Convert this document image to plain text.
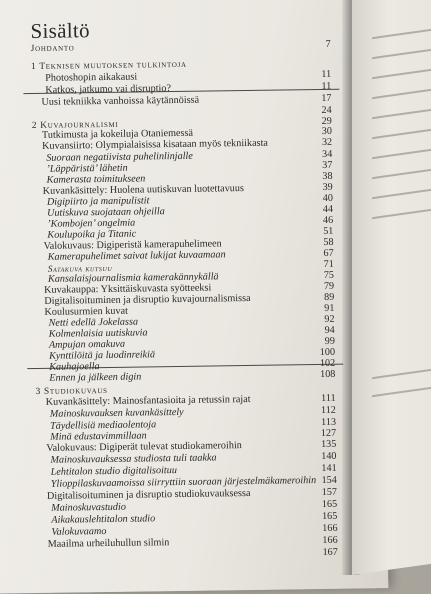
Sisältö
Johdanto	7
1 Teknisen muutoksen tulkintoja
Photoshopin aikakausi	11
Katkos, jatkumo vai disruptio?	11
Uusi tekniikka vanhoissa käytännöissä	17
24
2 Kuvajournalismi	29
Tutkimusta ja kokeiluja Otaniemessä	30
Kuvansiirto: Olympialaisissa kisataan myös tekniikasta	32
Suoraan negatiivista puhelinlinjalle	34
’Läppäristä’ lähetin	37
Kamerasta toimitukseen	38
Kuvankäsittely: Huolena uutiskuvan luotettavuus	39
Digipiirto ja manipulistit	40
Uutiskuva suojataan ohjeilla	44
’Kombojen’ ongelmia	46
Koulupoika ja Titanic	51
Valokuvaus: Digiperistä kamerapuhelimeen	58
Kamerapuhelimet saivat lukijat kuvaamaan	67
Satakuva kutsuu	71
Kansalaisjournalismia kamerakännykällä	75
Kuvakauppa: Yksittäiskuvasta syötteeksi	79
Digitalisoituminen ja disruptio kuvajournalismissa	89
Koulusurmien kuvat	91
Netti edellä Jokelassa	92
Kolmenlaisia uutiskuvia	94
Ampujan omakuva	99
Kynttilöitä ja luodinreikiä	100
Kauhajoella	102
Ennen ja jälkeen digin	108
3 Studiokuvaus
Kuvankäsittely: Mainosfantasioita ja retussin rajat	111
Mainoskuvauksen kuvankäsittely	112
Täydellisiä mediaolentoja	113
Minä edustavimmillaan	127
Valokuvaus: Digiperät tulevat studiokameroihin	135
Mainoskuvauksessa studiosta tuli taakka	140
Lehtitalon studio digitalisoituu	141
Ylioppilaskuvaamoissa siirryttiin suoraan järjestelmäkameroihin 154
Digitalisoituminen ja disruptio studiokuvauksessa	157
Mainoskuvastudio	165
Aikakauslehtitalon studio	165
Valokuvaamo	166
Maailma urheiluhullun silmin	166
167
